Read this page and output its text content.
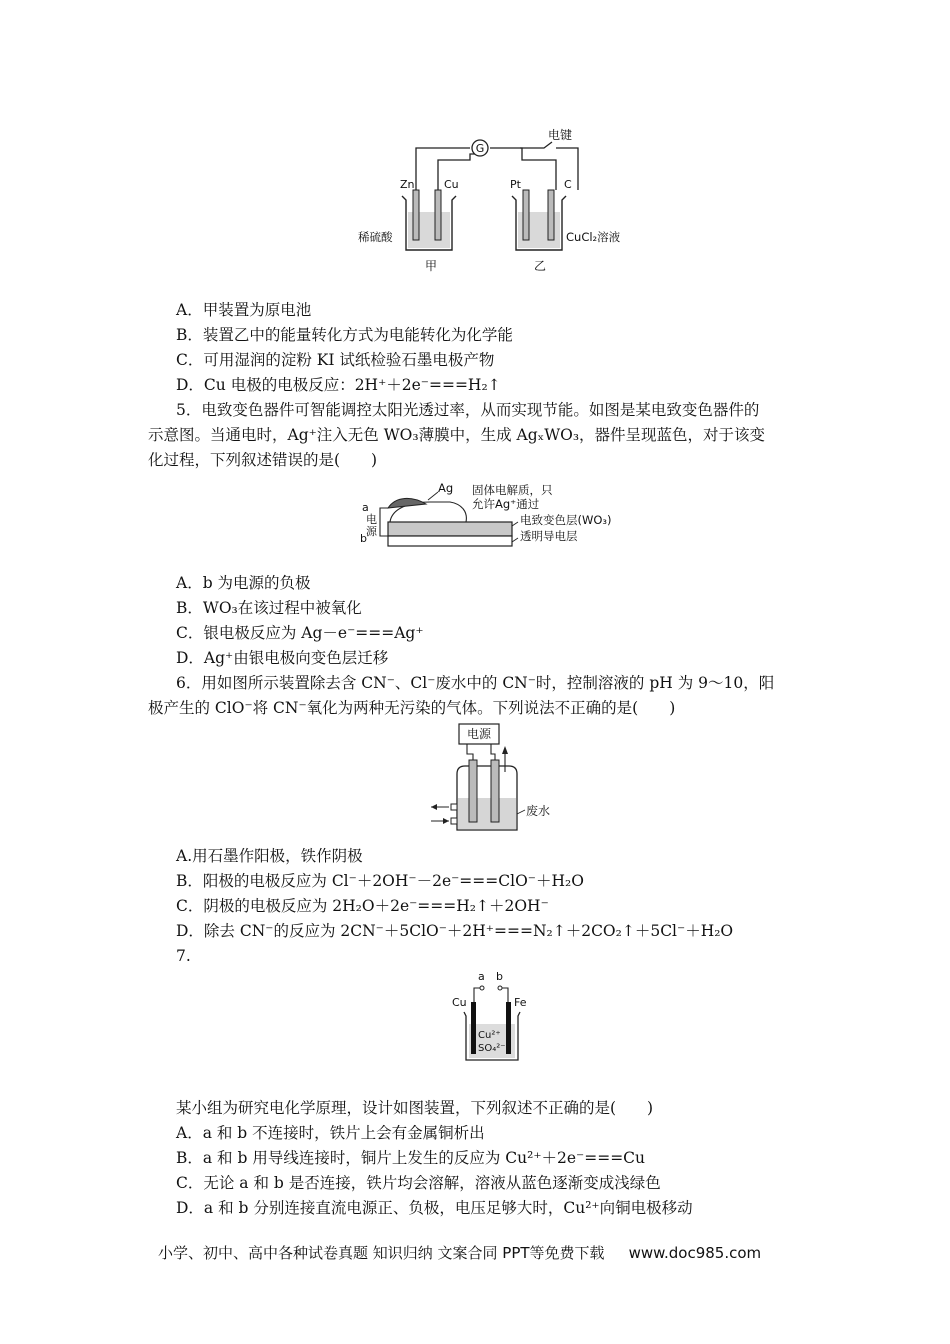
G
电键
Zn	Cu
稀硫酸
甲
Pt	C
CuCl₂溶液
乙
A．甲装置为原电池
B．装置乙中的能量转化方式为电能转化为化学能
C．可用湿润的淀粉 KI 试纸检验石墨电极产物
D．Cu 电极的电极反应：2H⁺＋2e⁻===H₂↑
5．电致变色器件可智能调控太阳光透过率，从而实现节能。如图是某电致变色器件的
示意图。当通电时，Ag⁺注入无色 WO₃薄膜中，生成 AgₓWO₃，器件呈现蓝色，对于该变
化过程，下列叙述错误的是(　　)
a
b
电
源
Ag 固体电解质，只
允许Ag⁺通过
电致变色层(WO₃)
透明导电层
A．b 为电源的负极
B．WO₃在该过程中被氧化
C．银电极反应为 Ag－e⁻===Ag⁺
D．Ag⁺由银电极向变色层迁移
6．用如图所示装置除去含 CN⁻、Cl⁻废水中的 CN⁻时，控制溶液的 pH 为 9～10，阳
极产生的 ClO⁻将 CN⁻氧化为两种无污染的气体。下列说法不正确的是(　　)
电源
废水
A.用石墨作阳极，铁作阴极
B．阳极的电极反应为 Cl⁻＋2OH⁻－2e⁻===ClO⁻＋H₂O
C．阴极的电极反应为 2H₂O＋2e⁻===H₂↑＋2OH⁻
D．除去 CN⁻的反应为 2CN⁻＋5ClO⁻＋2H⁺===N₂↑＋2CO₂↑＋5Cl⁻＋H₂O
7.
a b
Cu	Fe
Cu²⁺
SO₄²⁻
某小组为研究电化学原理，设计如图装置，下列叙述不正确的是(　　)
A．a 和 b 不连接时，铁片上会有金属铜析出
B．a 和 b 用导线连接时，铜片上发生的反应为 Cu²⁺＋2e⁻===Cu
C．无论 a 和 b 是否连接，铁片均会溶解，溶液从蓝色逐渐变成浅绿色
D．a 和 b 分别连接直流电源正、负极，电压足够大时，Cu²⁺向铜电极移动
小学、初中、高中各种试卷真题 知识归纳 文案合同 PPT等免费下载 www.doc985.com
